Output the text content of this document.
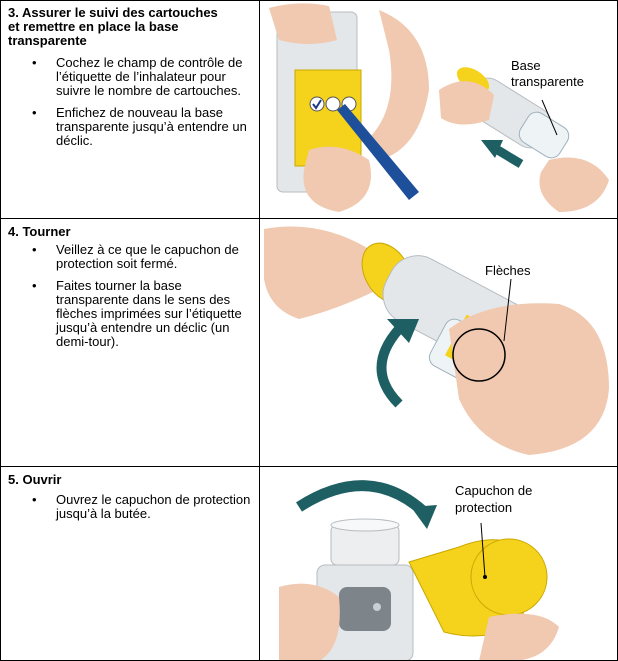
3. Assurer le suivi des cartouches
et remettre en place la base
transparente

• Cochez le champ de contrôle de l’étiquette de l’inhalateur pour suivre le nombre de cartouches.
• Enfichez de nouveau la base transparente jusqu’à entendre un déclic.
Base
transparente

4. Tourner

• Veillez à ce que le capuchon de protection soit fermé.
• Faites tourner la base transparente dans le sens des flèches imprimées sur l’étiquette jusqu’à entendre un déclic (un demi-tour).
Flèches

5. Ouvrir

• Ouvrez le capuchon de protection jusqu’à la butée.
Capuchon de
protection
